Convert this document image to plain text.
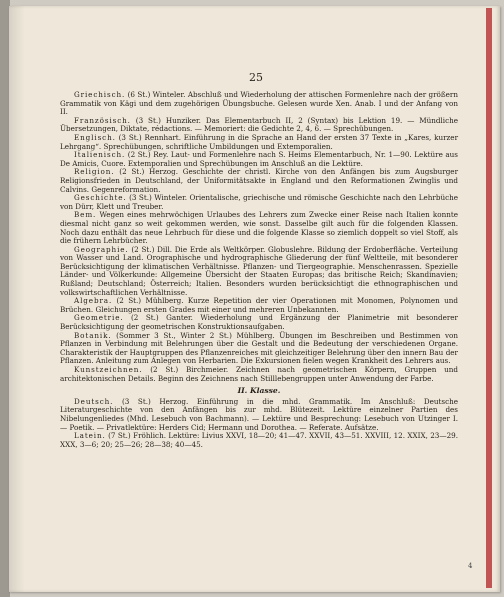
25

Griechisch. (6 St.) Winteler. Abschluß und Wiederholung der attischen Formenlehre nach der größern Grammatik von Kägi und dem zugehörigen Übungsbuche. Gelesen wurde Xen. Anab. I und der Anfang von II.

Französisch. (3 St.) Hunziker. Das Elementarbuch II, 2 (Syntax) bis Lektion 19. — Mündliche Übersetzungen, Diktate, rédactions. — Memoriert: die Gedichte 2, 4, 6. — Sprechübungen.

Englisch. (3 St.) Rennhart. Einführung in die Sprache an Hand der ersten 37 Texte in „Kares, kurzer Lehrgang“. Sprechübungen, schriftliche Umbildungen und Extemporalien.

Italienisch. (2 St.) Rey. Laut- und Formenlehre nach S. Heims Elementarbuch, Nr. 1—90. Lektüre aus De Amicis, Cuore. Extemporalien und Sprechübungen im Anschluß an die Lektüre.

Religion. (2 St.) Herzog. Geschichte der christl. Kirche von den Anfängen bis zum Augsburger Religionsfrieden in Deutschland, der Uniformitätsakte in England und den Reformationen Zwinglis und Calvins. Gegenreformation.

Geschichte. (3 St.) Winteler. Orientalische, griechische und römische Geschichte nach den Lehrbüche von Dürr, Klett und Treuber.

Bem. Wegen eines mehrwöchigen Urlaubes des Lehrers zum Zwecke einer Reise nach Italien konnte diesmal nicht ganz so weit gekommen werden, wie sonst. Dasselbe gilt auch für die folgenden Klassen. Noch dazu enthält das neue Lehrbuch für diese und die folgende Klasse so ziemlich doppelt so viel Stoff, als die frühern Lehrbücher.

Geographie. (2 St.) Dill. Die Erde als Weltkörper. Globuslehre. Bildung der Erdoberfläche. Verteilung von Wasser und Land. Orographische und hydrographische Gliederung der fünf Weltteile, mit besonderer Berücksichtigung der klimatischen Verhältnisse. Pflanzen- und Tiergeographie. Menschenrassen. Spezielle Länder- und Völkerkunde: Allgemeine Übersicht der Staaten Europas; das britische Reich; Skandinavien; Rußland; Deutschland; Österreich; Italien. Besonders wurden berücksichtigt die ethnographischen und volkswirtschaftlichen Verhältnisse.

Algebra. (2 St.) Mühlberg. Kurze Repetition der vier Operationen mit Monomen, Polynomen und Brüchen. Gleichungen ersten Grades mit einer und mehreren Unbekannten.

Geometrie. (2 St.) Ganter. Wiederholung und Ergänzung der Planimetrie mit besonderer Berücksichtigung der geometrischen Konstruktionsaufgaben.

Botanik. (Sommer 3 St., Winter 2 St.) Mühlberg. Übungen im Beschreiben und Bestimmen von Pflanzen in Verbindung mit Belehrungen über die Gestalt und die Bedeutung der verschiedenen Organe. Charakteristik der Hauptgruppen des Pflanzenreiches mit gleichzeitiger Belehrung über den innern Bau der Pflanzen. Anleitung zum Anlegen von Herbarien. Die Exkursionen fielen wegen Krankheit des Lehrers aus.

Kunstzeichnen. (2 St.) Birchmeier. Zeichnen nach geometrischen Körpern, Gruppen und architektonischen Details. Beginn des Zeichnens nach Stilllebengruppen unter Anwendung der Farbe.

II. Klasse.

Deutsch. (3 St.) Herzog. Einführung in die mhd. Grammatik. Im Anschluß: Deutsche Literaturgeschichte von den Anfängen bis zur mhd. Blütezeit. Lektüre einzelner Partien des Nibelungenliedes (Mhd. Lesebuch von Bachmann). — Lektüre und Besprechung: Lesebuch von Utzinger I. — Poetik. — Privatlektüre: Herders Cid; Hermann und Dorothea. — Referate. Aufsätze.

Latein. (7 St.) Fröhlich. Lektüre: Livius XXVI, 18—20; 41—47. XXVII, 43—51. XXVIII, 12. XXIX, 23—29. XXX, 3—6; 20; 25—26; 28—38; 40—45.

4
